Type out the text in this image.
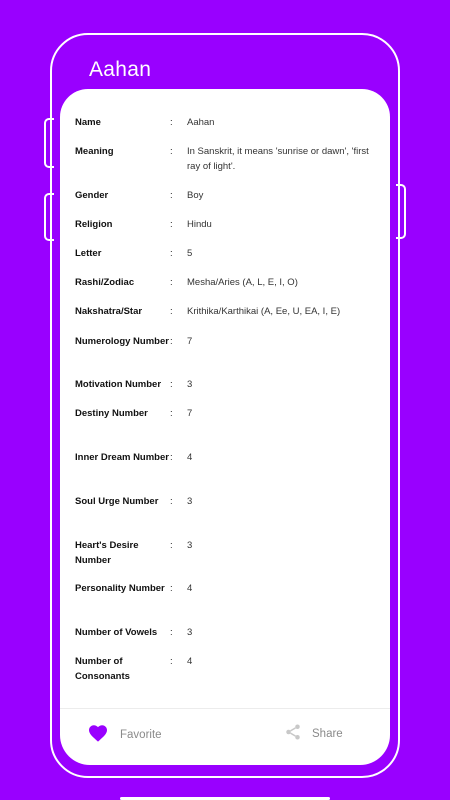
Aahan
Name	: Aahan
Meaning	: In Sanskrit, it means 'sunrise or dawn', 'first ray of light'.
Gender	: Boy
Religion	: Hindu
Letter	: 5
Rashi/Zodiac	: Mesha/Aries (A, L, E, I, O)
Nakshatra/Star	: Krithika/Karthikai (A, Ee, U, EA, I, E)
Numerology Number : 7
Motivation Number : 3
Destiny Number	: 7
Inner Dream Number : 4
Soul Urge Number	: 3
Heart's Desire Number
: 3
Personality Number : 4
Number of Vowels	: 3
Number of Consonants
: 4
Favorite	Share
